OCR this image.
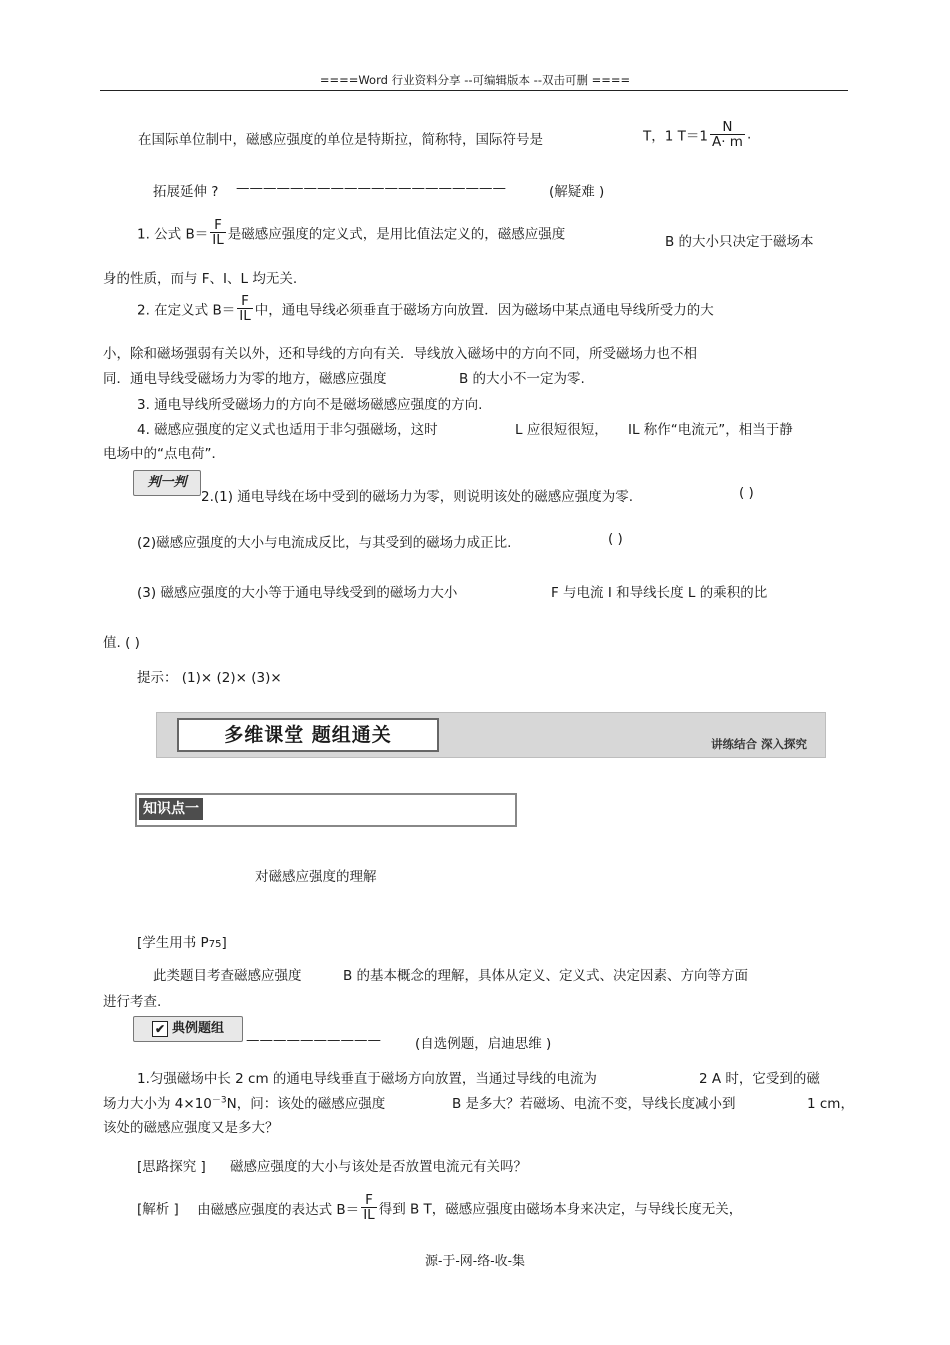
====Word 行业资料分享 --可编辑版本 --双击可删 ====
在国际单位制中，磁感应强度的单位是特斯拉，简称特，国际符号是	T，1 $T=1 \frac{N}{A\cdot m}$ .
拓展延伸 ? ————————————————————	(解疑难 )
1. 公式 $B= \frac{F}{IL}$ 是磁感应强度的定义式，是用比值法定义的，磁感应强度	B 的大小只决定于磁场本
身的性质，而与 F、I、L 均无关.
2. 在定义式 $B= \frac{F}{IL}$ 中，通电导线必须垂直于磁场方向放置．因为磁场中某点通电导线所受力的大
小，除和磁场强弱有关以外，还和导线的方向有关．导线放入磁场中的方向不同，所受磁场力也不相
同．通电导线受磁场力为零的地方，磁感应强度	B 的大小不一定为零.
3. 通电导线所受磁场力的方向不是磁场磁感应强度的方向.
4. 磁感应强度的定义式也适用于非匀强磁场，这时	L 应很短很短， IL 称作“电流元”，相当于静
电场中的“点电荷”．
判一判
2.(1) 通电导线在场中受到的磁场力为零，则说明该处的磁感应强度为零.	( )
(2)磁感应强度的大小与电流成反比，与其受到的磁场力成正比.	( )
(3) 磁感应强度的大小等于通电导线受到的磁场力大小	F 与电流 I 和导线长度 L 的乘积的比
值. ( )
提示： (1)× (2)× (3)×
多维课堂 题组通关	讲练结合 深入探究
知识点一
对磁感应强度的理解
[学生用书 P75]
此类题目考查磁感应强度	B 的基本概念的理解，具体从定义、定义式、决定因素、方向等方面
进行考查.
✔ 典例题组
——————————	(自选例题，启迪思维 )
1.匀强磁场中长 2 cm 的通电导线垂直于磁场方向放置，当通过导线的电流为	2 A 时，它受到的磁
场力大小为 $4\times 10^{-3}N$，问：该处的磁感应强度	B 是多大？若磁场、电流不变，导线长度减小到	1 cm，
该处的磁感应强度又是多大？
[思路探究 ] 磁感应强度的大小与该处是否放置电流元有关吗？
[解析 ] 由磁感应强度的表达式 $B= \frac{F}{IL}$ 得到 B T，磁感应强度由磁场本身来决定，与导线长度无关，
源-于-网-络-收-集
